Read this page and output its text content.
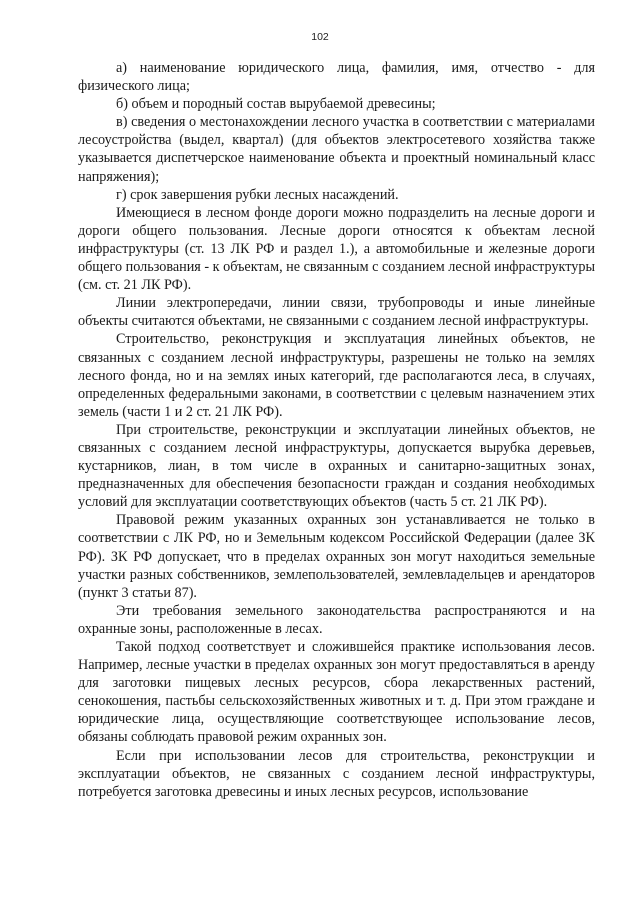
102

а) наименование юридического лица, фамилия, имя, отчество - для физического лица;

б) объем и породный состав вырубаемой древесины;

в) сведения о местонахождении лесного участка в соответствии с материалами лесоустройства (выдел, квартал) (для объектов электросетевого хозяйства также указывается диспетчерское наименование объекта и проектный номинальный класс напряжения);

г) срок завершения рубки лесных насаждений.

Имеющиеся в лесном фонде дороги можно подразделить на лесные дороги и дороги общего пользования. Лесные дороги относятся к объектам лесной инфраструктуры (ст. 13 ЛК РФ и раздел 1.), а автомобильные и железные дороги общего пользования - к объектам, не связанным с созданием лесной инфраструктуры (см. ст. 21 ЛК РФ).

Линии электропередачи, линии связи, трубопроводы и иные линейные объекты считаются объектами, не связанными с созданием лесной инфраструктуры.

Строительство, реконструкция и эксплуатация линейных объектов, не связанных с созданием лесной инфраструктуры, разрешены не только на землях лесного фонда, но и на землях иных категорий, где располагаются леса, в случаях, определенных федеральными законами, в соответствии с целевым назначением этих земель (части 1 и 2 ст. 21 ЛК РФ).

При строительстве, реконструкции и эксплуатации линейных объектов, не связанных с созданием лесной инфраструктуры, допускается вырубка деревьев, кустарников, лиан, в том числе в охранных и санитарно-защитных зонах, предназначенных для обеспечения безопасности граждан и создания необходимых условий для эксплуатации соответствующих объектов (часть 5 ст. 21 ЛК РФ).

Правовой режим указанных охранных зон устанавливается не только в соответствии с ЛК РФ, но и Земельным кодексом Российской Федерации (далее ЗК РФ). ЗК РФ допускает, что в пределах охранных зон могут находиться земельные участки разных собственников, землепользователей, землевладельцев и арендаторов (пункт 3 статьи 87).

Эти требования земельного законодательства распространяются и на охранные зоны, расположенные в лесах.

Такой подход соответствует и сложившейся практике использования лесов. Например, лесные участки в пределах охранных зон могут предоставляться в аренду для заготовки пищевых лесных ресурсов, сбора лекарственных растений, сенокошения, пастьбы сельскохозяйственных животных и т. д. При этом граждане и юридические лица, осуществляющие соответствующее использование лесов, обязаны соблюдать правовой режим охранных зон.

Если при использовании лесов для строительства, реконструкции и эксплуатации объектов, не связанных с созданием лесной инфраструктуры, потребуется заготовка древесины и иных лесных ресурсов, использование
